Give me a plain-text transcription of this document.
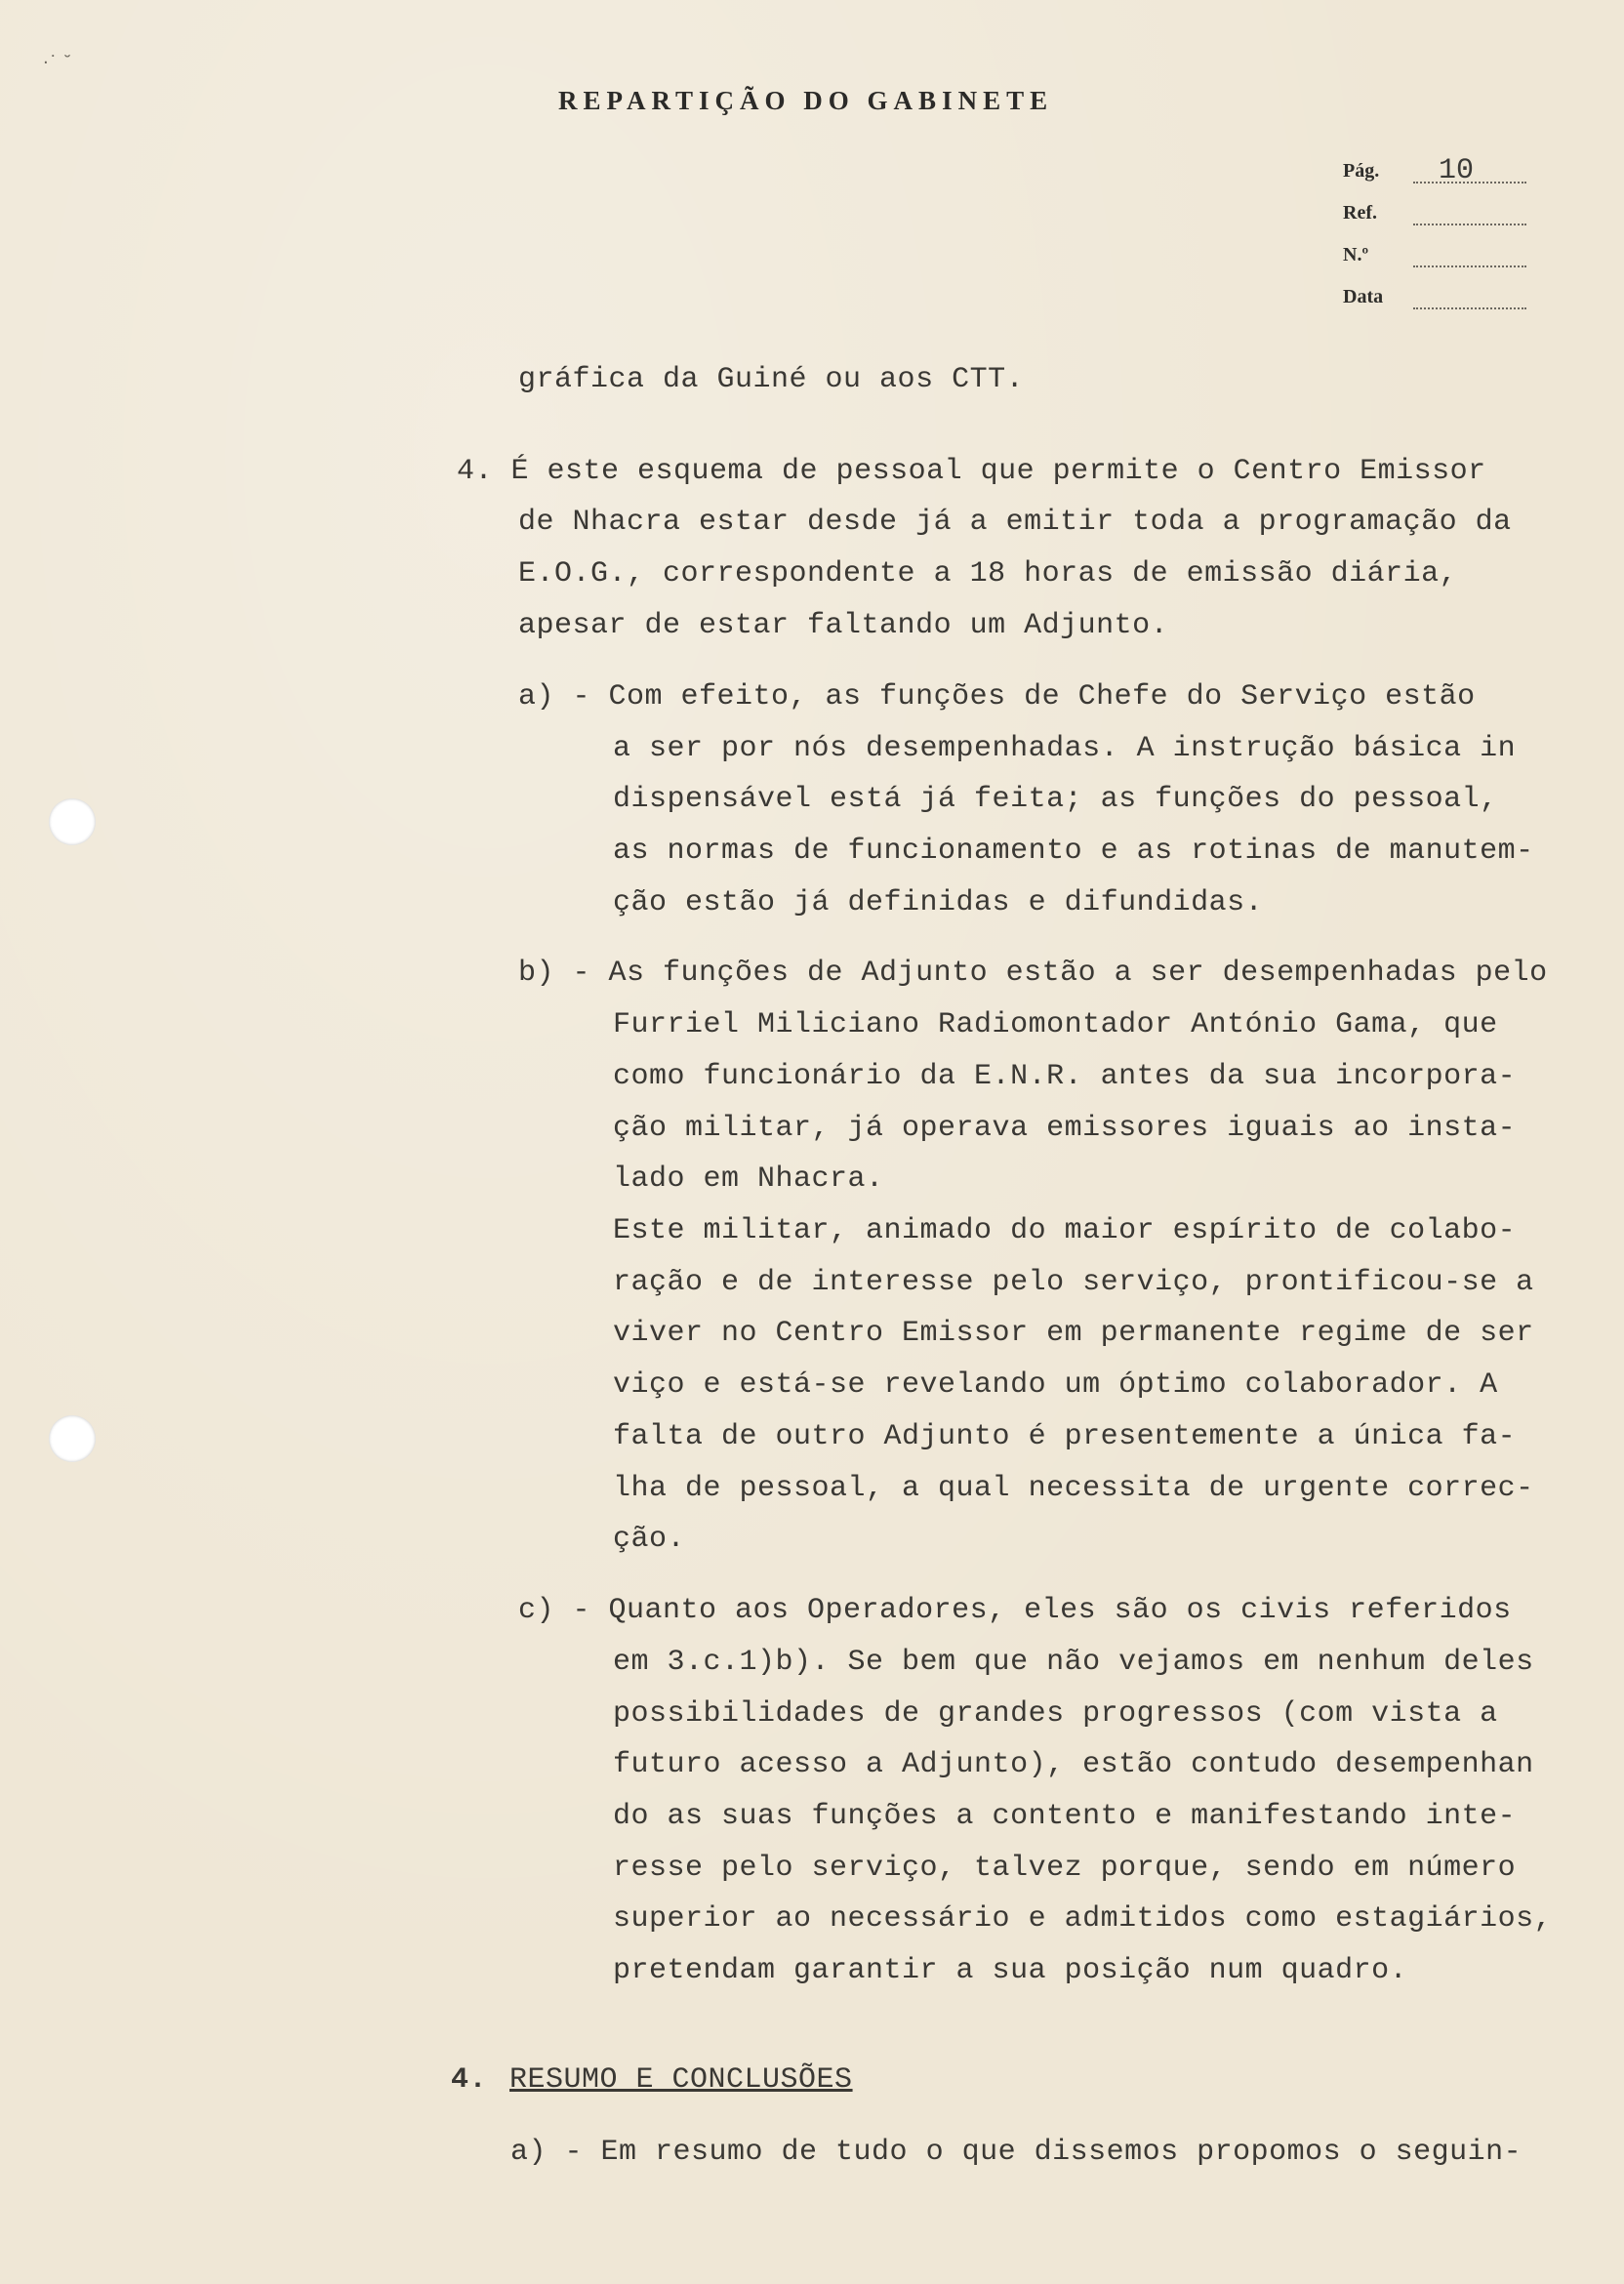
·˙ ˘
REPARTIÇÃO DO GABINETE
Pág. 10
Ref.
N.º
Data
gráfica da Guiné ou aos CTT.
4. É este esquema de pessoal que permite o Centro Emissor
de Nhacra estar desde já a emitir toda a programação da
E.O.G., correspondente a 18 horas de emissão diária,
apesar de estar faltando um Adjunto.
a) - Com efeito, as funções de Chefe do Serviço estão
a ser por nós desempenhadas. A instrução básica in
dispensável está já feita; as funções do pessoal,
as normas de funcionamento e as rotinas de manutem-
ção estão já definidas e difundidas.
b) - As funções de Adjunto estão a ser desempenhadas pelo
Furriel Miliciano Radiomontador António Gama, que
como funcionário da E.N.R. antes da sua incorpora-
ção militar, já operava emissores iguais ao insta-
lado em Nhacra.
Este militar, animado do maior espírito de colabo-
ração e de interesse pelo serviço, prontificou-se a
viver no Centro Emissor em permanente regime de ser
viço e está-se revelando um óptimo colaborador. A
falta de outro Adjunto é presentemente a única fa-
lha de pessoal, a qual necessita de urgente correc-
ção.
c) - Quanto aos Operadores, eles são os civis referidos
em 3.c.1)b). Se bem que não vejamos em nenhum deles
possibilidades de grandes progressos (com vista a
futuro acesso a Adjunto), estão contudo desempenhan
do as suas funções a contento e manifestando inte-
resse pelo serviço, talvez porque, sendo em número
superior ao necessário e admitidos como estagiários,
pretendam garantir a sua posição num quadro.
4. RESUMO E CONCLUSÕES
a) - Em resumo de tudo o que dissemos propomos o seguin-
